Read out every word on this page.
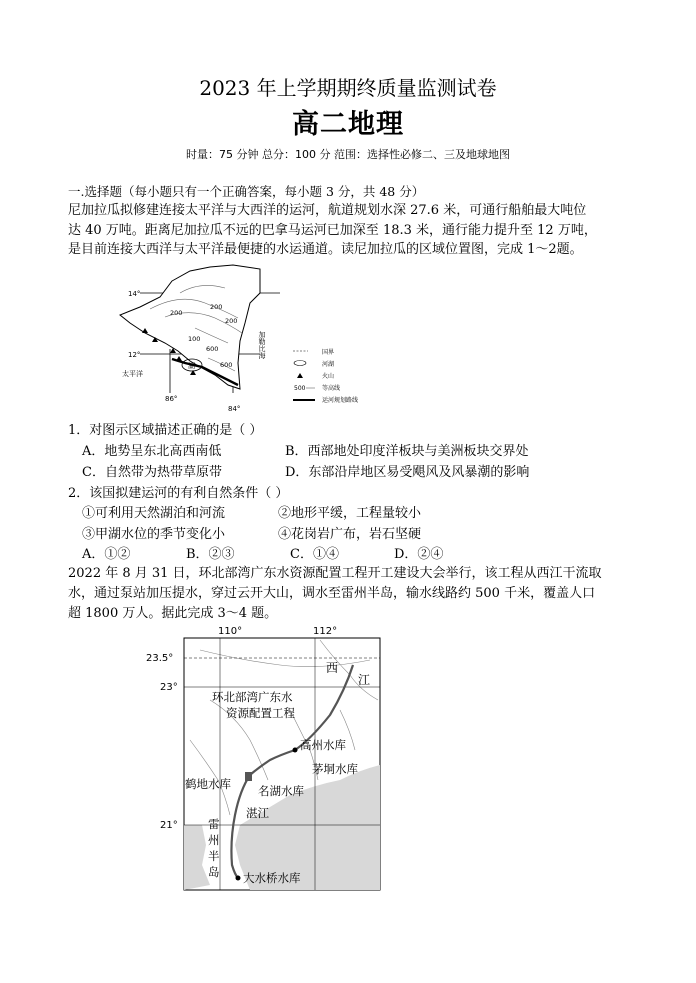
2023 年上学期期终质量监测试卷
高二地理
时量：75 分钟 总分：100 分 范围：选择性必修二、三及地球地图
一.选择题（每小题只有一个正确答案，每小题 3 分，共 48 分）
尼加拉瓜拟修建连接太平洋与大西洋的运河，航道规划水深 27.6 米，可通行船舶最大吨位
达 40 万吨。距离尼加拉瓜不远的巴拿马运河已加深至 18.3 米，通行能力提升至 12 万吨，
是目前连接大西洋与太平洋最便捷的水运通道。读尼加拉瓜的区域位置图，完成 1～2题。
14°
12°
86°
84°
200
200
100
600
200
600
湖
太平洋
加勒比海	国界
河湖
火山
500	等高线
运河规划路线
1．对图示区域描述正确的是（ ）
A．地势呈东北高西南低	B．西部地处印度洋板块与美洲板块交界处
C．自然带为热带草原带	D．东部沿岸地区易受飓风及风暴潮的影响
2．该国拟建运河的有利自然条件（ ）
①可利用天然湖泊和河流	②地形平缓，工程量较小
③甲湖水位的季节变化小	④花岗岩广布，岩石坚硬
A．①②	B．②③	C．①④	D．②④
2022 年 8 月 31 日，环北部湾广东水资源配置工程开工建设大会举行，该工程从西江干流取
水，通过泵站加压提水，穿过云开大山，调水至雷州半岛，输水线路约 500 千米，覆盖人口
超 1800 万人。据此完成 3～4 题。
110°	112°
23.5°
23°
21°
西
江
环北部湾广东水
资源配置工程
高州水库
茅垌水库
鹤地水库 名湖水库
湛江
雷
州
半
岛 大水桥水库
